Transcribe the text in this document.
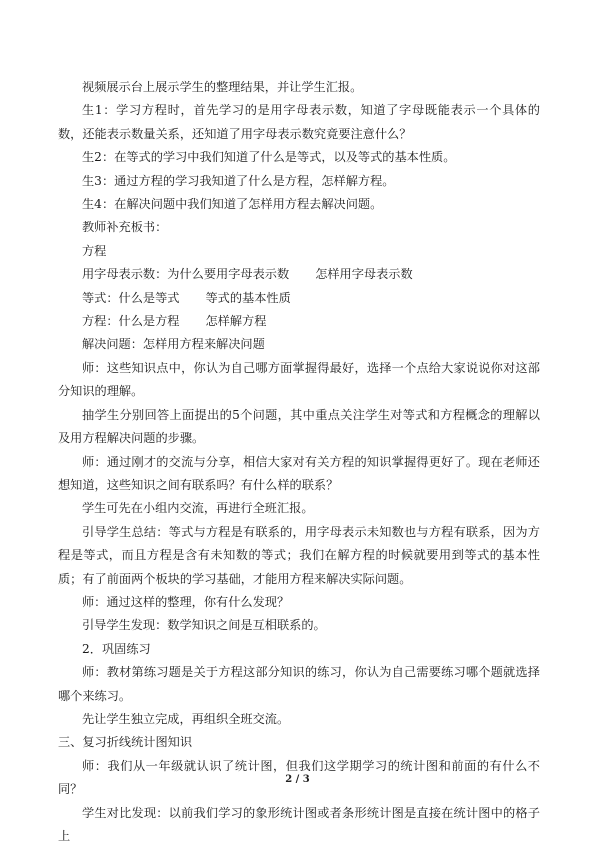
视频展示台上展示学生的整理结果，并让学生汇报。

生1：学习方程时，首先学习的是用字母表示数，知道了字母既能表示一个具体的数，还能表示数量关系，还知道了用字母表示数究竟要注意什么？

生2：在等式的学习中我们知道了什么是等式，以及等式的基本性质。

生3：通过方程的学习我知道了什么是方程，怎样解方程。

生4：在解决问题中我们知道了怎样用方程去解决问题。

教师补充板书：

方程

用字母表示数：为什么要用字母表示数 怎样用字母表示数

等式：什么是等式 等式的基本性质

方程：什么是方程 怎样解方程

解决问题：怎样用方程来解决问题

师：这些知识点中，你认为自己哪方面掌握得最好，选择一个点给大家说说你对这部分知识的理解。

抽学生分别回答上面提出的5个问题，其中重点关注学生对等式和方程概念的理解以及用方程解决问题的步骤。

师：通过刚才的交流与分享，相信大家对有关方程的知识掌握得更好了。现在老师还想知道，这些知识之间有联系吗？有什么样的联系？

学生可先在小组内交流，再进行全班汇报。

引导学生总结：等式与方程是有联系的，用字母表示未知数也与方程有联系，因为方程是等式，而且方程是含有未知数的等式；我们在解方程的时候就要用到等式的基本性质；有了前面两个板块的学习基础，才能用方程来解决实际问题。

师：通过这样的整理，你有什么发现？

引导学生发现：数学知识之间是互相联系的。

2．巩固练习

师：教材第练习题是关于方程这部分知识的练习，你认为自己需要练习哪个题就选择哪个来练习。

先让学生独立完成，再组织全班交流。

三、复习折线统计图知识

师：我们从一年级就认识了统计图，但我们这学期学习的统计图和前面的有什么不同？

学生对比发现：以前我们学习的象形统计图或者条形统计图是直接在统计图中的格子上

2 / 3
